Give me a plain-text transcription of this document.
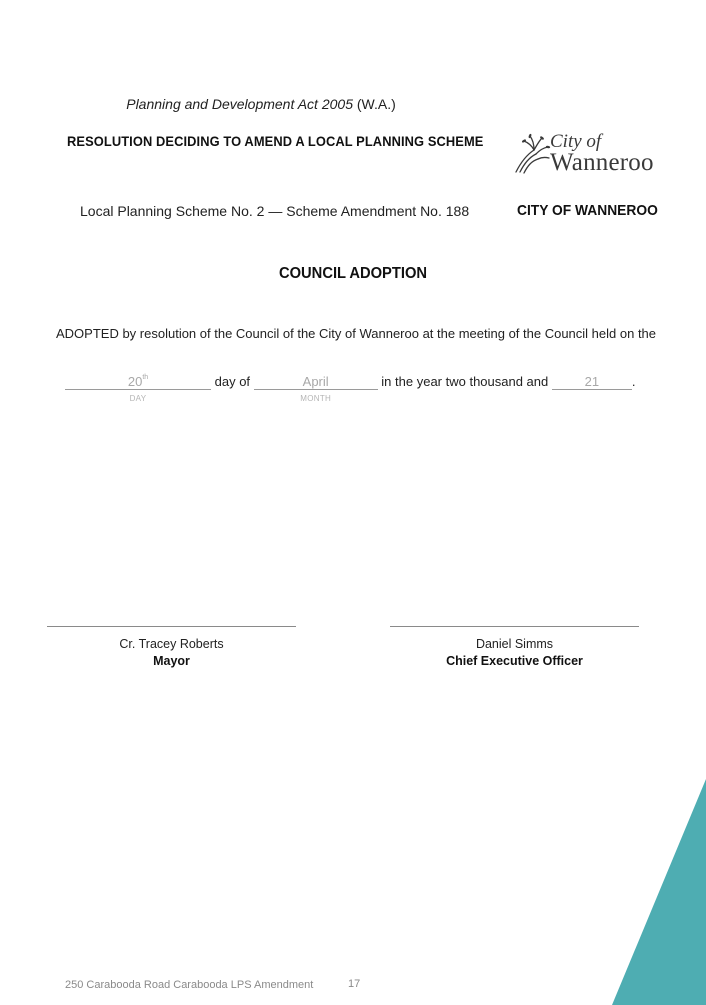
Planning and Development Act 2005 (W.A.)
RESOLUTION DECIDING TO AMEND A LOCAL PLANNING SCHEME	City of
Wanneroo
Local Planning Scheme No. 2 — Scheme Amendment No. 188	CITY OF WANNEROO
COUNCIL ADOPTION
ADOPTED by resolution of the Council of the City of Wanneroo at the meeting of the Council held on the
20th
DAY
day of	April
MONTH
in the year two thousand and	21	.
Cr. Tracey Roberts
Mayor
Daniel Simms
Chief Executive Officer
250 Carabooda Road Carabooda LPS Amendment	17
